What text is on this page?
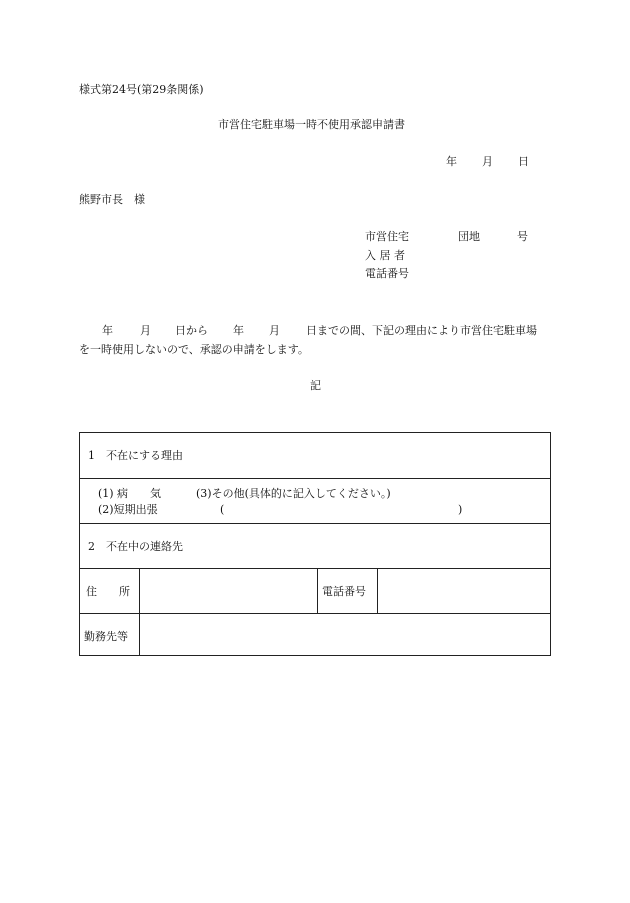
様式第24号(第29条関係)
市営住宅駐車場一時不使用承認申請書
年 月 日
熊野市長　様
市営住宅	団地	号
入 居 者
電話番号
年 月 日から 年 月 日までの間、下記の理由により市営住宅駐車場
を一時使用しないので、承認の申請をします。
記
1　不在にする理由
(1) 病　　気	(3)その他(具体的に記入してください。)
(2)短期出張	(	)
2　不在中の連絡先
住　　所	電話番号
勤務先等
